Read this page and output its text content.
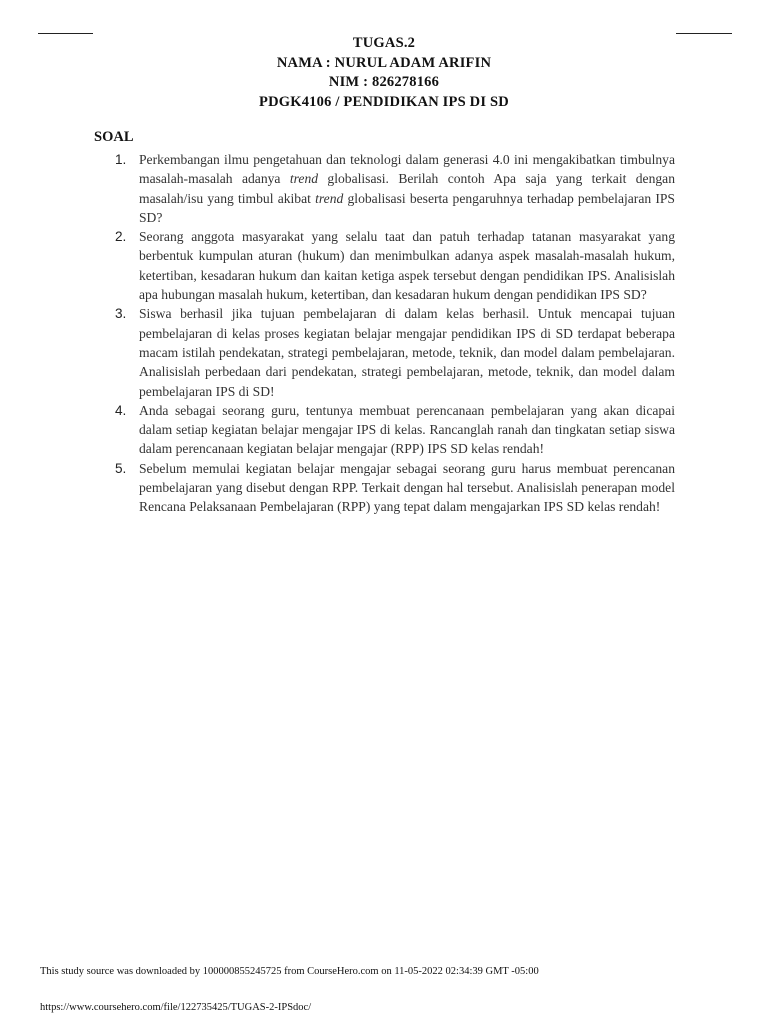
TUGAS.2
NAMA : NURUL ADAM ARIFIN
NIM : 826278166
PDGK4106 / PENDIDIKAN IPS DI SD
SOAL
1. Perkembangan ilmu pengetahuan dan teknologi dalam generasi 4.0 ini mengakibatkan timbulnya masalah-masalah adanya trend globalisasi. Berilah contoh Apa saja yang terkait dengan masalah/isu yang timbul akibat trend globalisasi beserta pengaruhnya terhadap pembelajaran IPS SD?
2. Seorang anggota masyarakat yang selalu taat dan patuh terhadap tatanan masyarakat yang berbentuk kumpulan aturan (hukum) dan menimbulkan adanya aspek masalah-masalah hukum, ketertiban, kesadaran hukum dan kaitan ketiga aspek tersebut dengan pendidikan IPS. Analisislah apa hubungan masalah hukum, ketertiban, dan kesadaran hukum dengan pendidikan IPS SD?
3. Siswa berhasil jika tujuan pembelajaran di dalam kelas berhasil. Untuk mencapai tujuan pembelajaran di kelas proses kegiatan belajar mengajar pendidikan IPS di SD terdapat beberapa macam istilah pendekatan, strategi pembelajaran, metode, teknik, dan model dalam pembelajaran. Analisislah perbedaan dari pendekatan, strategi pembelajaran, metode, teknik, dan model dalam pembelajaran IPS di SD!
4. Anda sebagai seorang guru, tentunya membuat perencanaan pembelajaran yang akan dicapai dalam setiap kegiatan belajar mengajar IPS di kelas. Rancanglah ranah dan tingkatan setiap siswa dalam perencanaan kegiatan belajar mengajar (RPP) IPS SD kelas rendah!
5. Sebelum memulai kegiatan belajar mengajar sebagai seorang guru harus membuat perencanan pembelajaran yang disebut dengan RPP. Terkait dengan hal tersebut. Analisislah penerapan model Rencana Pelaksanaan Pembelajaran (RPP) yang tepat dalam mengajarkan IPS SD kelas rendah!
This study source was downloaded by 100000855245725 from CourseHero.com on 11-05-2022 02:34:39 GMT -05:00
https://www.coursehero.com/file/122735425/TUGAS-2-IPSdoc/
